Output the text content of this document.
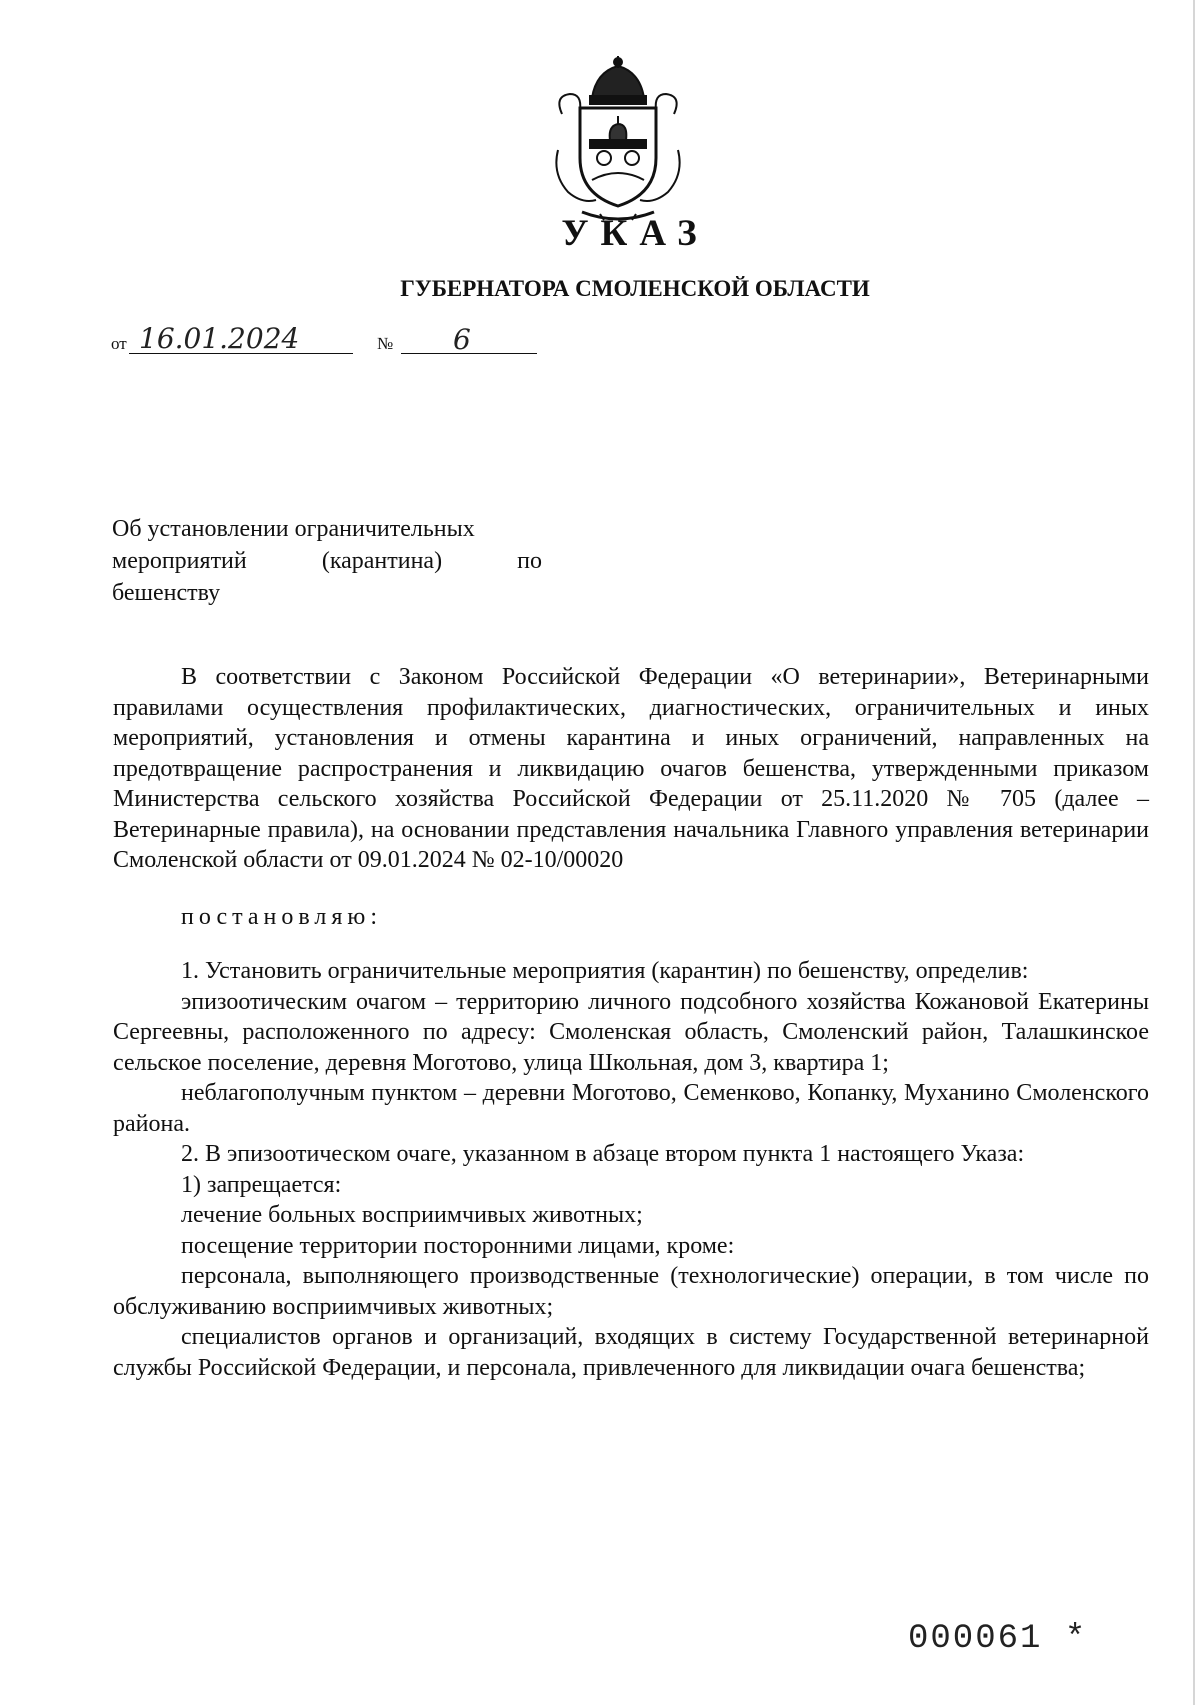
УКАЗ
ГУБЕРНАТОРА СМОЛЕНСКОЙ ОБЛАСТИ
от 16.01.2024	№	6
Об установлении ограничительных
мероприятий (карантина) по
бешенству

В соответствии с Законом Российской Федерации «О ветеринарии», Ветеринарными правилами осуществления профилактических, диагностических, ограничительных и иных мероприятий, установления и отмены карантина и иных ограничений, направленных на предотвращение распространения и ликвидацию очагов бешенства, утвержденными приказом Министерства сельского хозяйства Российской Федерации от 25.11.2020 № 705 (далее – Ветеринарные правила), на основании представления начальника Главного управления ветеринарии Смоленской области от 09.01.2024 № 02-10/00020

постановляю:

1. Установить ограничительные мероприятия (карантин) по бешенству, определив:

эпизоотическим очагом – территорию личного подсобного хозяйства Кожановой Екатерины Сергеевны, расположенного по адресу: Смоленская область, Смоленский район, Талашкинское сельское поселение, деревня Моготово, улица Школьная, дом 3, квартира 1;

неблагополучным пунктом – деревни Моготово, Семенково, Копанку, Муханино Смоленского района.

2. В эпизоотическом очаге, указанном в абзаце втором пункта 1 настоящего Указа:

1) запрещается:

лечение больных восприимчивых животных;

посещение территории посторонними лицами, кроме:

персонала, выполняющего производственные (технологические) операции, в том числе по обслуживанию восприимчивых животных;

специалистов органов и организаций, входящих в систему Государственной ветеринарной службы Российской Федерации, и персонала, привлеченного для ликвидации очага бешенства;

000061 *
